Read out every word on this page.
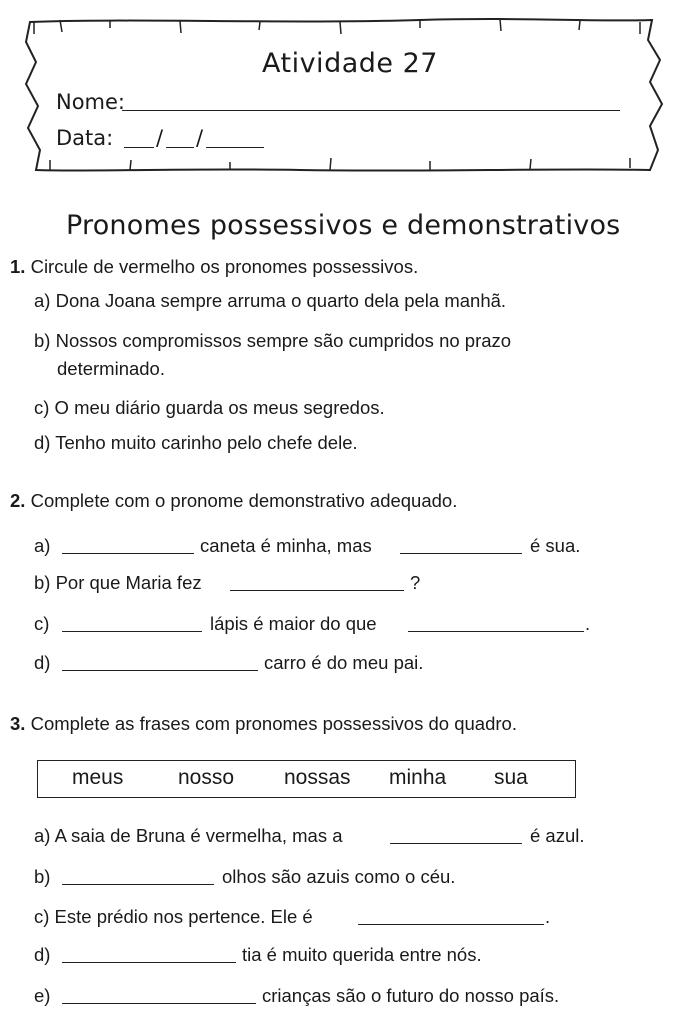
Atividade 27
Nome:
Data: / /
Pronomes possessivos e demonstrativos
1. Circule de vermelho os pronomes possessivos.
a) Dona Joana sempre arruma o quarto dela pela manhã.
b) Nossos compromissos sempre são cumpridos no prazo
determinado.
c) O meu diário guarda os meus segredos.
d) Tenho muito carinho pelo chefe dele.
2. Complete com o pronome demonstrativo adequado.
a)	caneta é minha, mas	é sua.
b) Por que Maria fez	?
c)	lápis é maior do que	.
d)	carro é do meu pai.
3. Complete as frases com pronomes possessivos do quadro.
meus	nosso nossas minha sua
a) A saia de Bruna é vermelha, mas a	é azul.
b)	olhos são azuis como o céu.
c) Este prédio nos pertence. Ele é	.
d)	tia é muito querida entre nós.
e)	crianças são o futuro do nosso país.
